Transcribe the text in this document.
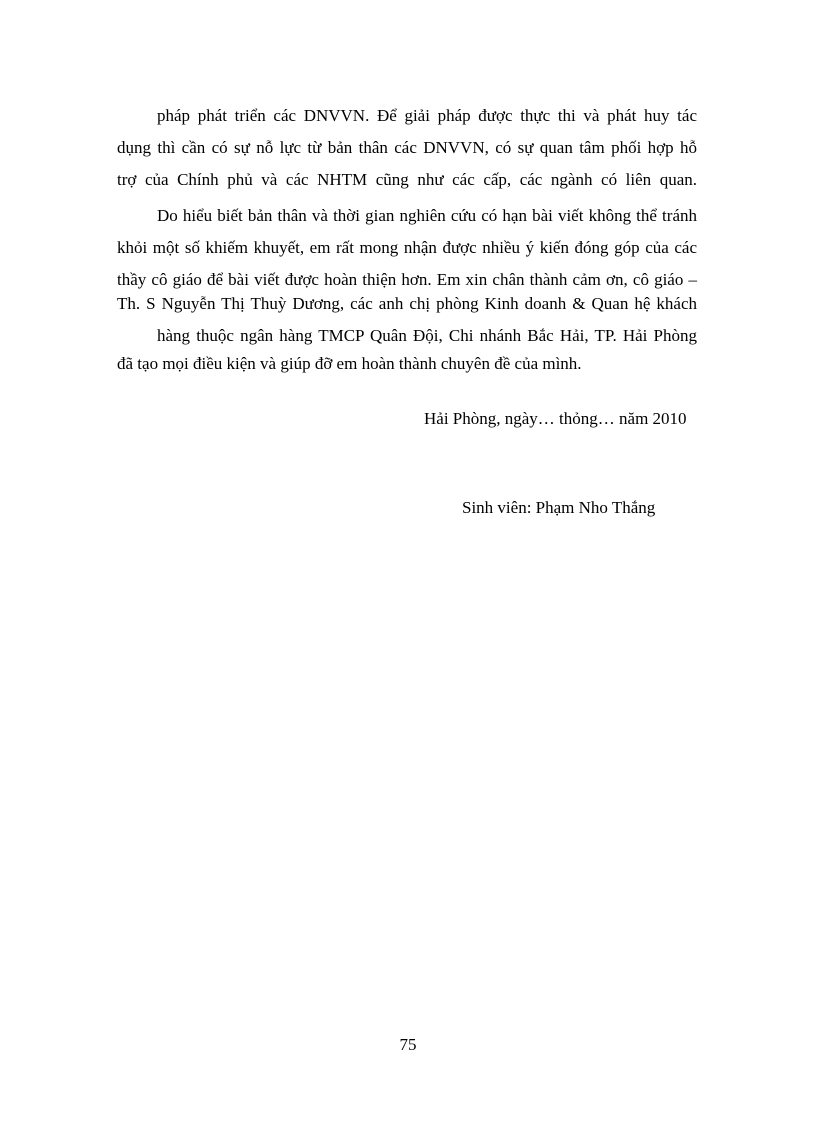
pháp phát triển các DNVVN. Để giải pháp được thực thi và phát huy tác
dụng thì cần có sự nỗ lực từ bản thân các DNVVN, có sự quan tâm phối hợp hỗ
trợ của Chính phủ và các NHTM cũng như các cấp, các ngành có liên quan.
Do hiểu biết bản thân và thời gian nghiên cứu có hạn bài viết không thể tránh
khỏi một số khiếm khuyết, em rất mong nhận được nhiều ý kiến đóng góp của các
thầy cô giáo để bài viết được hoàn thiện hơn. Em xin chân thành cảm ơn, cô giáo –
Th. S Nguyễn Thị Thuỳ Dương, các anh chị phòng Kinh doanh & Quan hệ khách
hàng thuộc ngân hàng TMCP Quân Đội, Chi nhánh Bắc Hải, TP. Hải Phòng
đã tạo mọi điều kiện và giúp đỡ em hoàn thành chuyên đề của mình.
Hải Phòng, ngày… thỏng… năm 2010
Sinh viên: Phạm Nho Thắng
75
